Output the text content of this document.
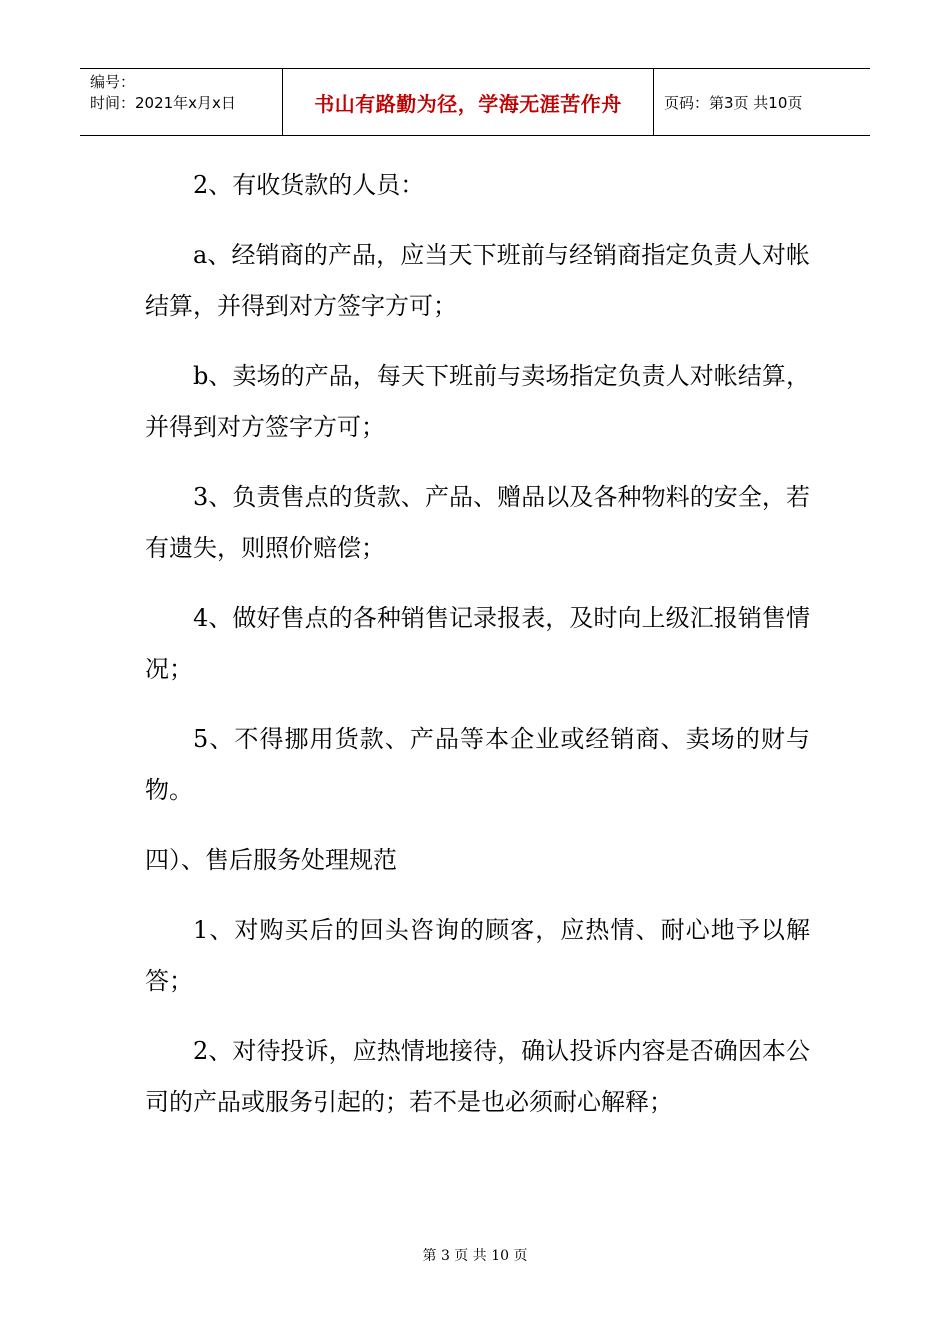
编号：
时间：2021年x月x日	书山有路勤为径，学海无涯苦作舟	页码：第3页 共10页

2、有收货款的人员：

a、经销商的产品，应当天下班前与经销商指定负责人对帐结算，并得到对方签字方可；

b、卖场的产品，每天下班前与卖场指定负责人对帐结算，并得到对方签字方可；

3、负责售点的货款、产品、赠品以及各种物料的安全，若有遗失，则照价赔偿；

4、做好售点的各种销售记录报表，及时向上级汇报销售情况；

5、不得挪用货款、产品等本企业或经销商、卖场的财与物。

四）、售后服务处理规范

1、对购买后的回头咨询的顾客，应热情、耐心地予以解答；

2、对待投诉，应热情地接待，确认投诉内容是否确因本公司的产品或服务引起的；若不是也必须耐心解释；

第 3 页 共 10 页
